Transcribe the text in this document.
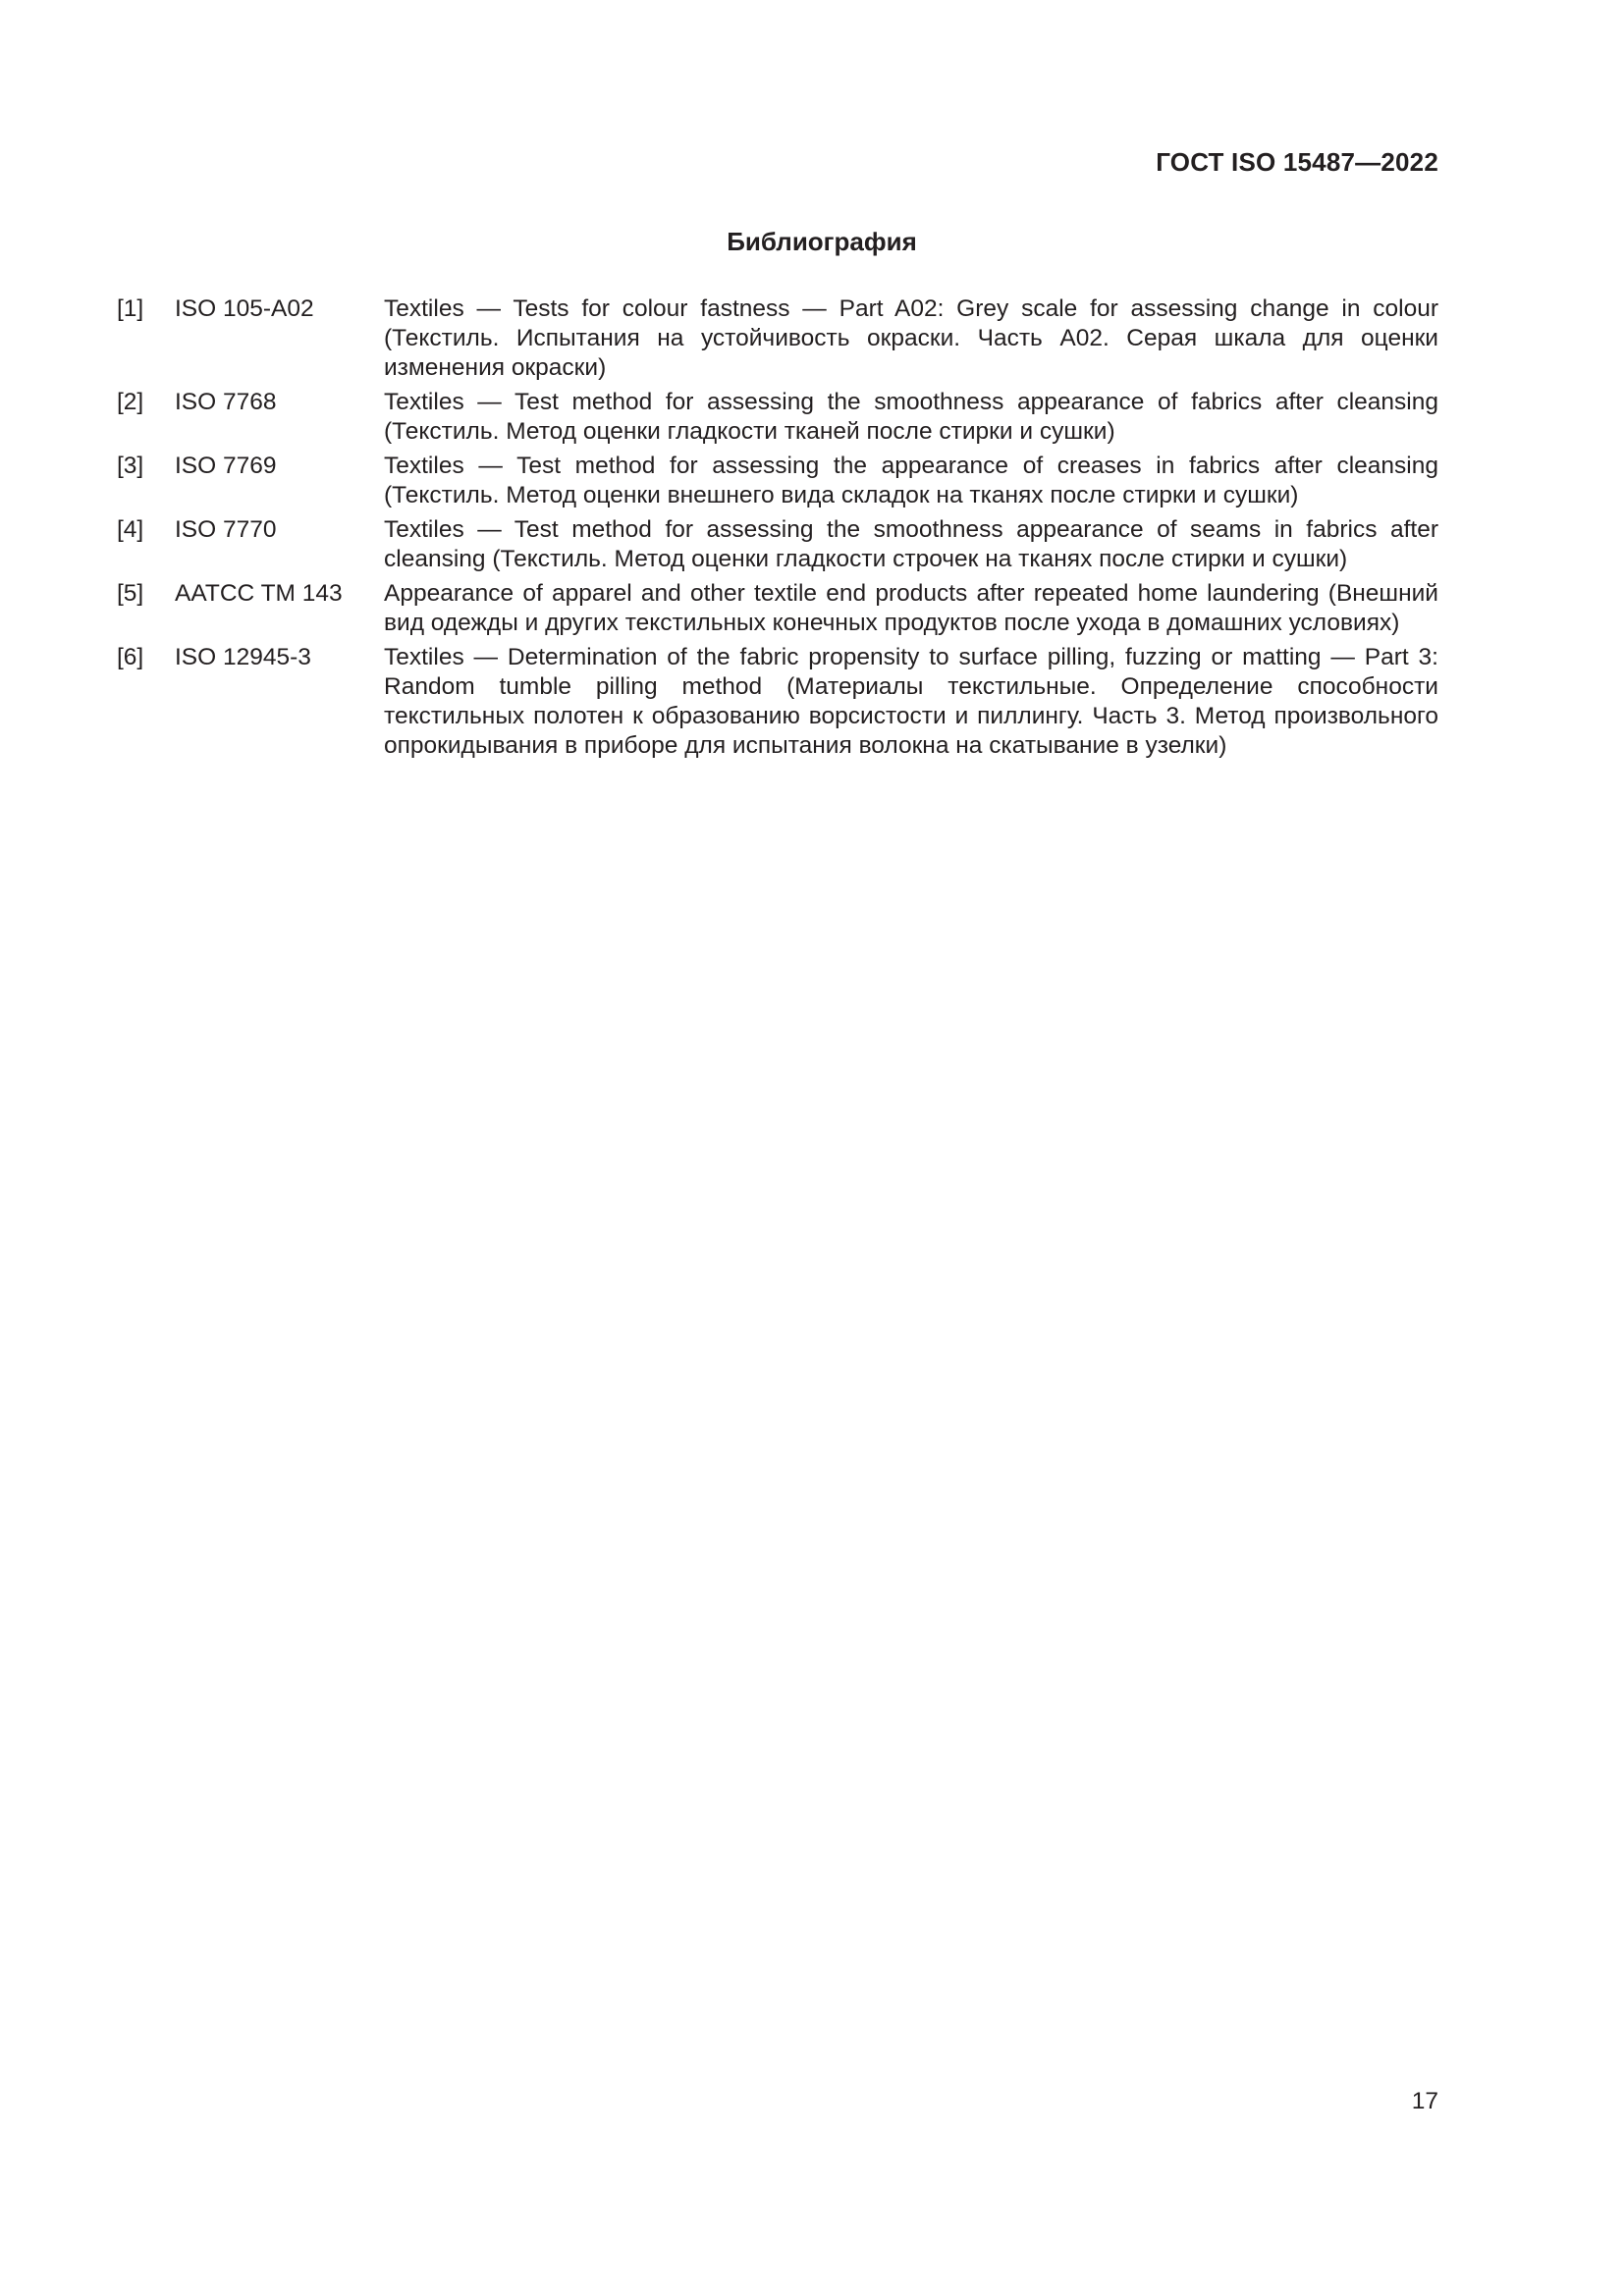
ГОСТ ISO 15487—2022
Библиография
[1]	ISO 105-A02	Textiles — Tests for colour fastness — Part A02: Grey scale for assessing change in colour (Текстиль. Испытания на устойчивость окраски. Часть А02. Серая шкала для оценки изменения окраски)
[2]	ISO 7768	Textiles — Test method for assessing the smoothness appearance of fabrics after cleansing (Текстиль. Метод оценки гладкости тканей после стирки и сушки)
[3]	ISO 7769	Textiles — Test method for assessing the appearance of creases in fabrics after cleansing (Текстиль. Метод оценки внешнего вида складок на тканях после стирки и сушки)
[4]	ISO 7770	Textiles — Test method for assessing the smoothness appearance of seams in fabrics after cleansing (Текстиль. Метод оценки гладкости строчек на тканях после стирки и сушки)
[5]	AATCC TM 143	Appearance of apparel and other textile end products after repeated home laundering (Внешний вид одежды и других текстильных конечных продуктов после ухода в домашних условиях)
[6]	ISO 12945-3	Textiles — Determination of the fabric propensity to surface pilling, fuzzing or matting — Part 3: Random tumble pilling method (Материалы текстильные. Определение способности текстильных полотен к образованию ворсистости и пиллингу. Часть 3. Метод произвольного опрокидывания в приборе для испытания волокна на скатывание в узелки)
17
